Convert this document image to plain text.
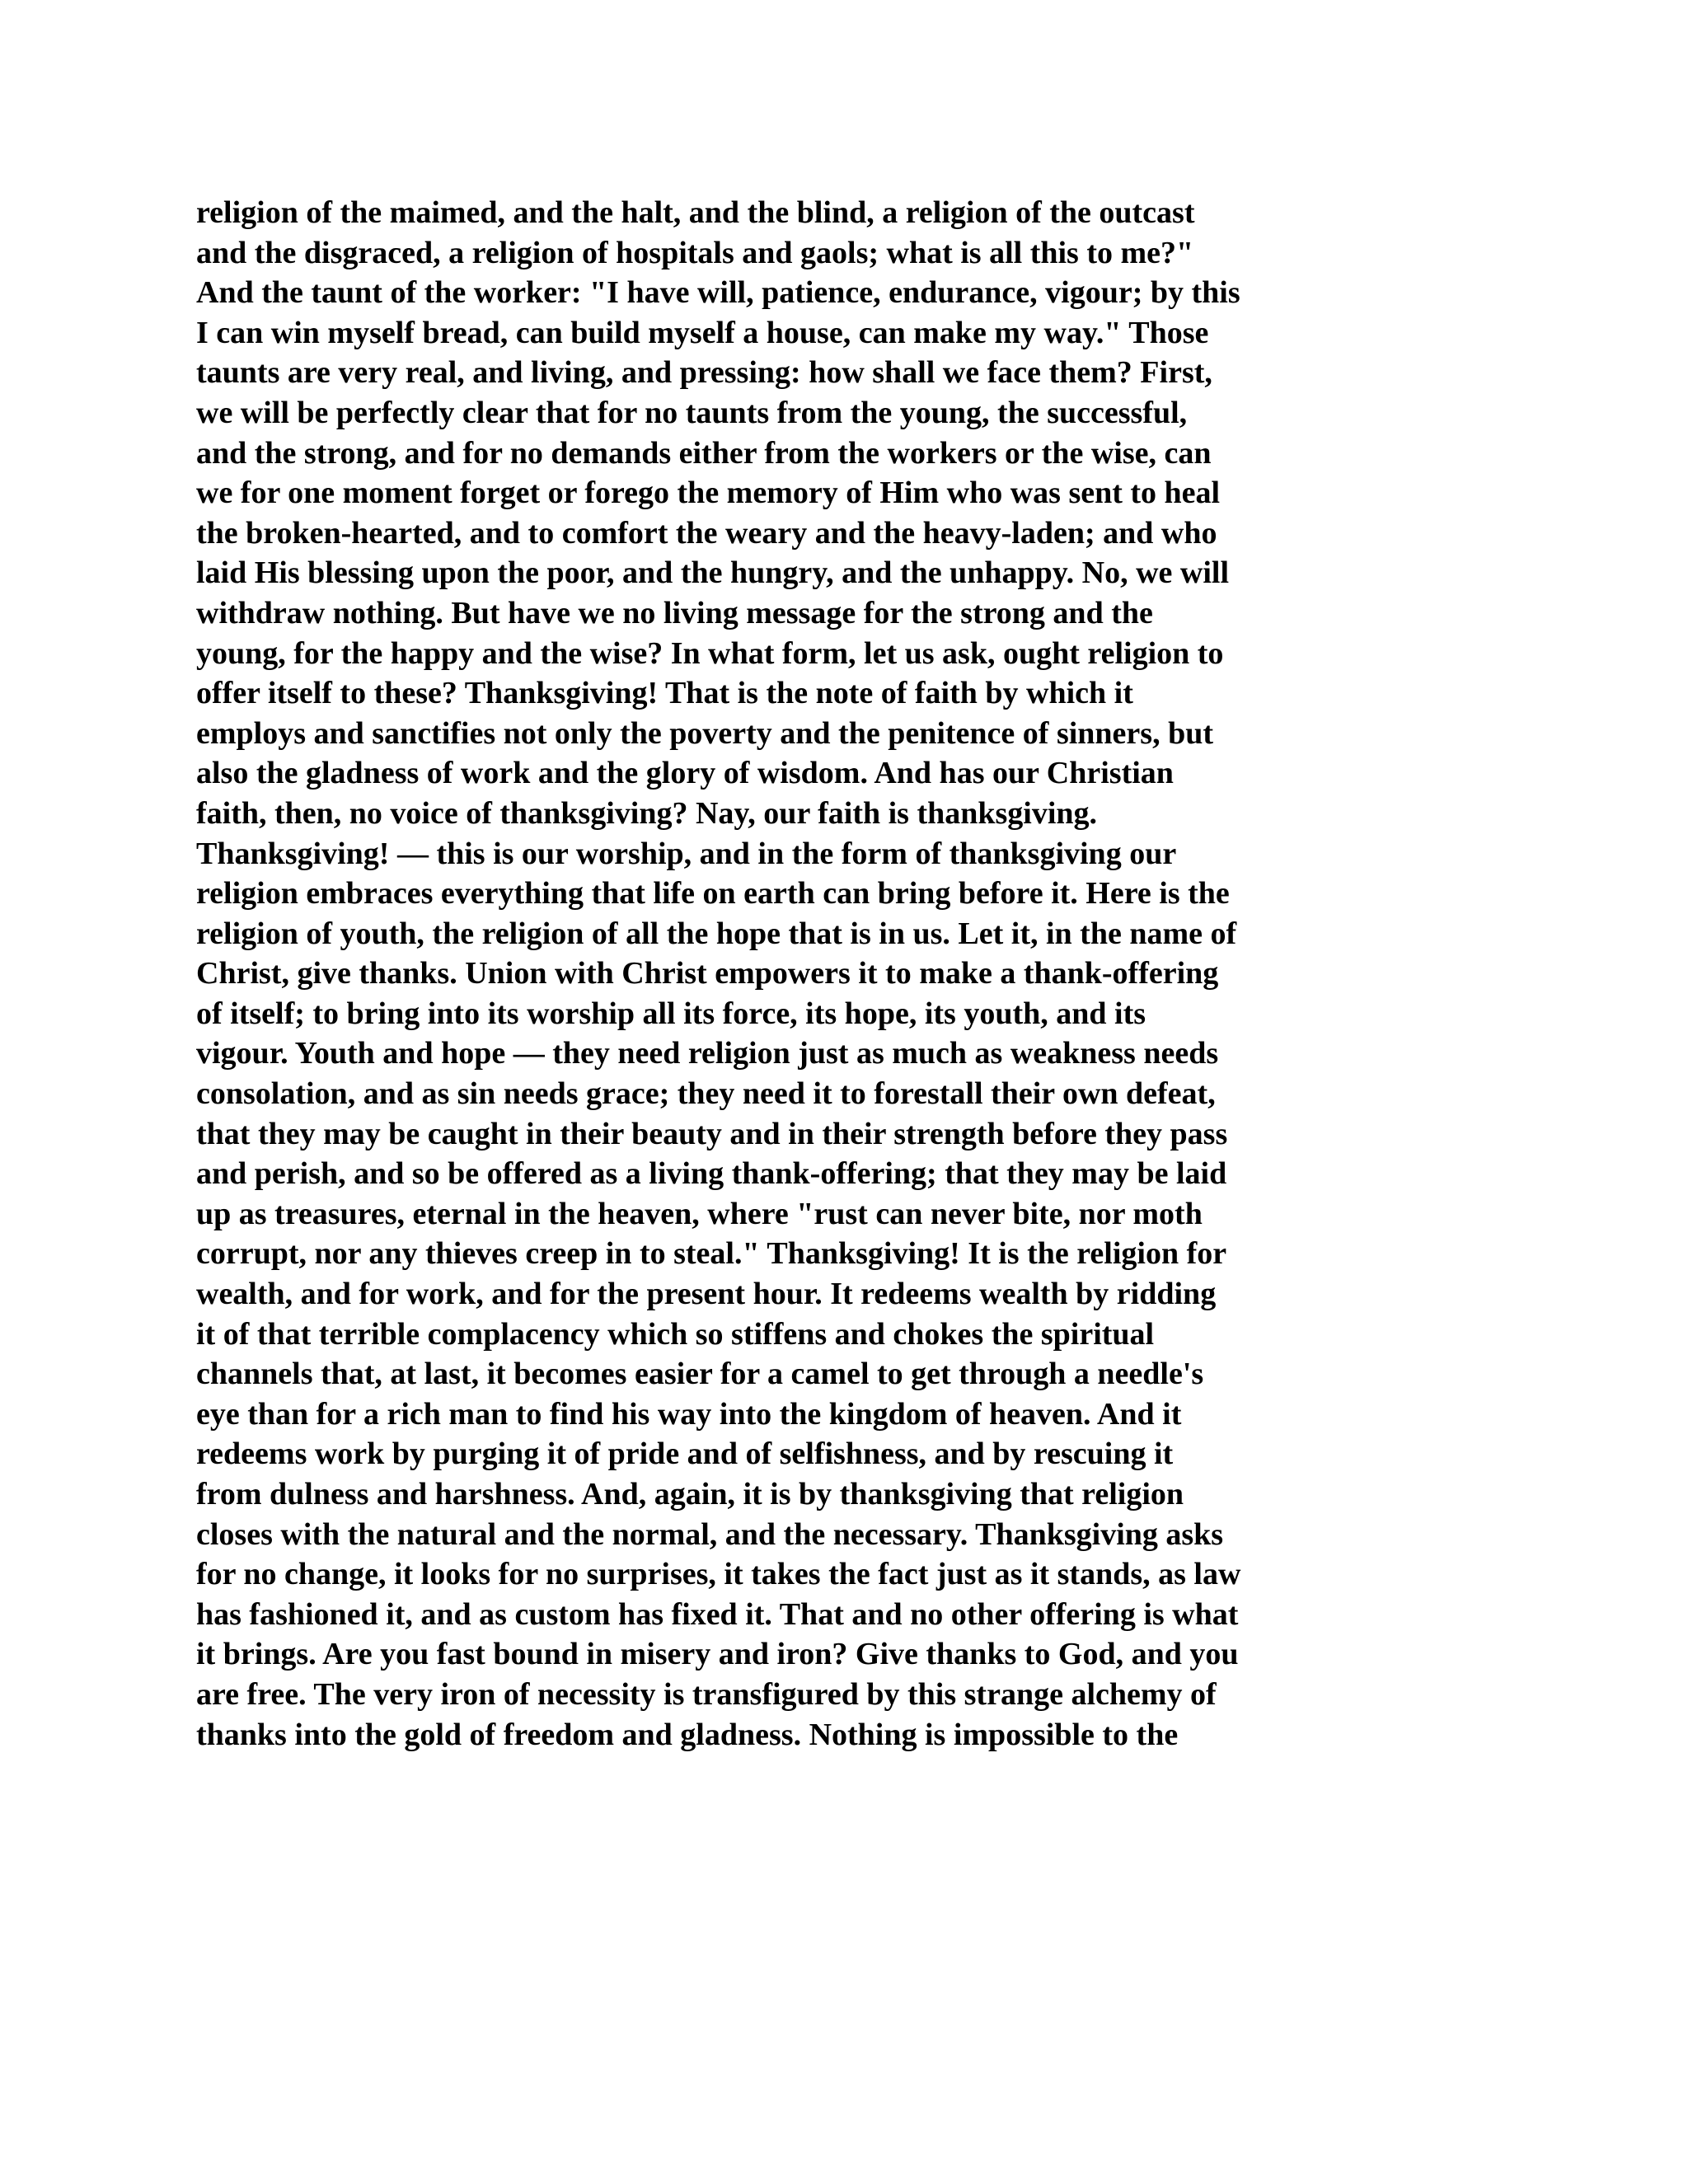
religion of the maimed, and the halt, and the blind, a religion of the outcast
and the disgraced, a religion of hospitals and gaols; what is all this to me?"
And the taunt of the worker: "I have will, patience, endurance, vigour; by this
I can win myself bread, can build myself a house, can make my way." Those
taunts are very real, and living, and pressing: how shall we face them? First,
we will be perfectly clear that for no taunts from the young, the successful,
and the strong, and for no demands either from the workers or the wise, can
we for one moment forget or forego the memory of Him who was sent to heal
the broken-hearted, and to comfort the weary and the heavy-laden; and who
laid His blessing upon the poor, and the hungry, and the unhappy. No, we will
withdraw nothing. But have we no living message for the strong and the
young, for the happy and the wise? In what form, let us ask, ought religion to
offer itself to these? Thanksgiving! That is the note of faith by which it
employs and sanctifies not only the poverty and the penitence of sinners, but
also the gladness of work and the glory of wisdom. And has our Christian
faith, then, no voice of thanksgiving? Nay, our faith is thanksgiving.
Thanksgiving! — this is our worship, and in the form of thanksgiving our
religion embraces everything that life on earth can bring before it. Here is the
religion of youth, the religion of all the hope that is in us. Let it, in the name of
Christ, give thanks. Union with Christ empowers it to make a thank-offering
of itself; to bring into its worship all its force, its hope, its youth, and its
vigour. Youth and hope — they need religion just as much as weakness needs
consolation, and as sin needs grace; they need it to forestall their own defeat,
that they may be caught in their beauty and in their strength before they pass
and perish, and so be offered as a living thank-offering; that they may be laid
up as treasures, eternal in the heaven, where "rust can never bite, nor moth
corrupt, nor any thieves creep in to steal." Thanksgiving! It is the religion for
wealth, and for work, and for the present hour. It redeems wealth by ridding
it of that terrible complacency which so stiffens and chokes the spiritual
channels that, at last, it becomes easier for a camel to get through a needle's
eye than for a rich man to find his way into the kingdom of heaven. And it
redeems work by purging it of pride and of selfishness, and by rescuing it
from dulness and harshness. And, again, it is by thanksgiving that religion
closes with the natural and the normal, and the necessary. Thanksgiving asks
for no change, it looks for no surprises, it takes the fact just as it stands, as law
has fashioned it, and as custom has fixed it. That and no other offering is what
it brings. Are you fast bound in misery and iron? Give thanks to God, and you
are free. The very iron of necessity is transfigured by this strange alchemy of
thanks into the gold of freedom and gladness. Nothing is impossible to the
